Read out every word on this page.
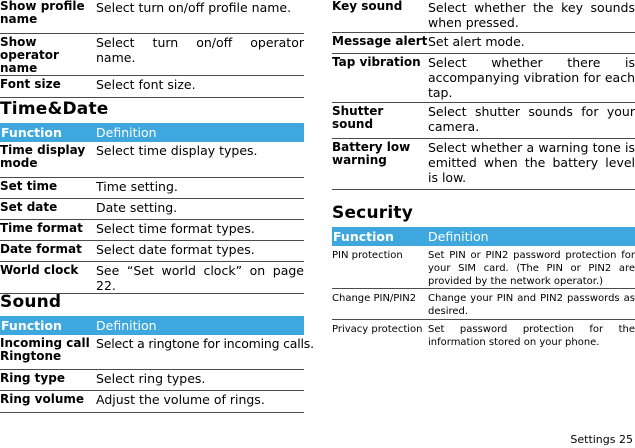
Show profile name	Select turn on/off profile name.
Show operator name	Select turn on/off operator name.
Font size	Select font size.
Time&Date
Function	Definition
Time display mode	Select time display types.
Set time	Time setting.
Set date	Date setting.
Time format	Select time format types.
Date format	Select date format types.
World clock	See “Set world clock” on page 22.
Sound
Function	Definition
Incoming call Ringtone	Select a ringtone for incoming calls.
Ring type	Select ring types.
Ring volume	Adjust the volume of rings.
Key sound	Select whether the key sounds when pressed.
Message alert	Set alert mode.
Tap vibration	Select whether there is accompanying vibration for each tap.
Shutter sound	Select shutter sounds for your camera.
Battery low warning	Select whether a warning tone is emitted when the battery level is low.
Security
Function	Definition
PIN protection	Set PIN or PIN2 password protection for your SIM card. (The PIN or PIN2 are provided by the network operator.)
Change PIN/PIN2	Change your PIN and PIN2 passwords as desired.
Privacy protection	Set password protection for the information stored on your phone.
Settings 25
